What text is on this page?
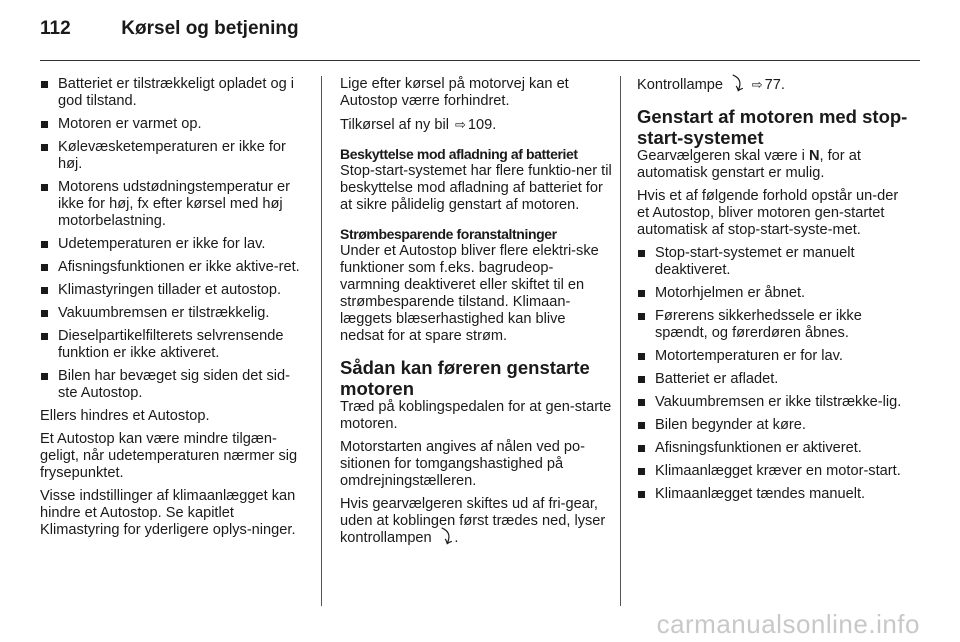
112	Kørsel og betjening
Batteriet er tilstrækkeligt opladet og i god tilstand.
Motoren er varmet op.
Kølevæsketemperaturen er ikke for høj.
Motorens udstødningstemperatur er ikke for høj, fx efter kørsel med høj motorbelastning.
Udetemperaturen er ikke for lav.
Afisningsfunktionen er ikke aktive-ret.
Klimastyringen tillader et autostop.
Vakuumbremsen er tilstrækkelig.
Dieselpartikelfilterets selvrensende funktion er ikke aktiveret.
Bilen har bevæget sig siden det sid-ste Autostop.

Ellers hindres et Autostop.

Et Autostop kan være mindre tilgæn-geligt, når udetemperaturen nærmer sig frysepunktet.

Visse indstillinger af klimaanlægget kan hindre et Autostop. Se kapitlet Klimastyring for yderligere oplys-ninger.

Lige efter kørsel på motorvej kan et Autostop værre forhindret.

Tilkørsel af ny bil ⇨ 109.

Beskyttelse mod afladning af batteriet

Stop-start-systemet har flere funktio-ner til beskyttelse mod afladning af batteriet for at sikre pålidelig genstart af motoren.

Strømbesparende foranstaltninger

Under et Autostop bliver flere elektri-ske funktioner som f.eks. bagrudeop-varmning deaktiveret eller skiftet til en strømbesparende tilstand. Klimaan-læggets blæserhastighed kan blive nedsat for at spare strøm.

Sådan kan føreren genstarte motoren

Træd på koblingspedalen for at gen-starte motoren.

Motorstarten angives af nålen ved po-sitionen for tomgangshastighed på omdrejningstælleren.

Hvis gearvælgeren skiftes ud af fri-gear, uden at koblingen først trædes ned, lyser kontrollampen ⤵.

Kontrollampe ⤵ ⇨ 77.

Genstart af motoren med stop-start-systemet

Gearvælgeren skal være i N, for at automatisk genstart er mulig.

Hvis et af følgende forhold opstår un-der et Autostop, bliver motoren gen-startet automatisk af stop-start-syste-met.

Stop-start-systemet er manuelt deaktiveret.
Motorhjelmen er åbnet.
Førerens sikkerhedssele er ikke spændt, og førerdøren åbnes.
Motortemperaturen er for lav.
Batteriet er afladet.
Vakuumbremsen er ikke tilstrække-lig.
Bilen begynder at køre.
Afisningsfunktionen er aktiveret.
Klimaanlægget kræver en motor-start.
Klimaanlægget tændes manuelt.
carmanualsonline.info
